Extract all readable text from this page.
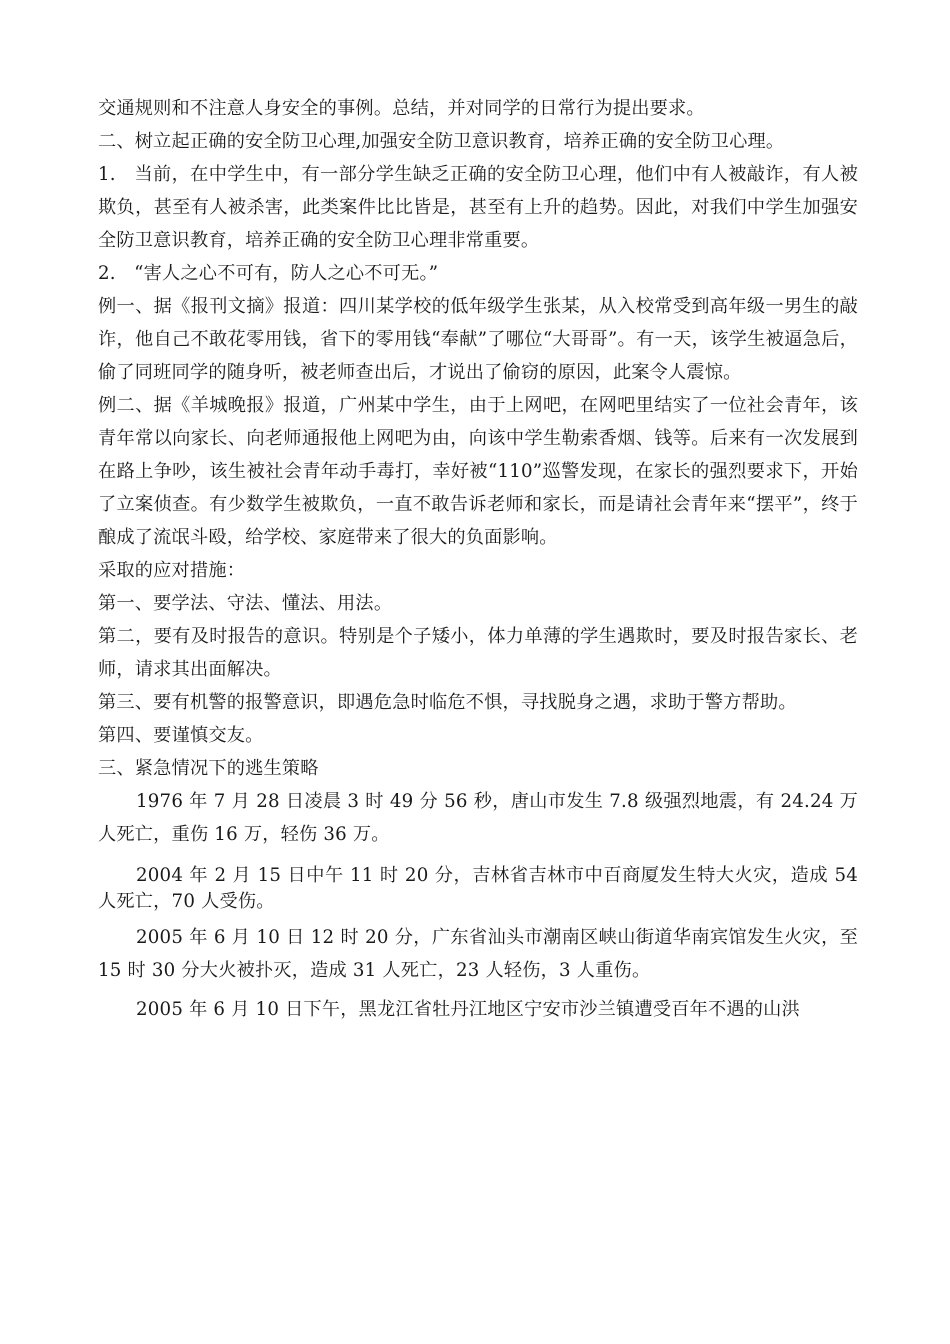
交通规则和不注意人身安全的事例。总结，并对同学的日常行为提出要求。

二、树立起正确的安全防卫心理,加强安全防卫意识教育，培养正确的安全防卫心理。

1.　当前，在中学生中，有一部分学生缺乏正确的安全防卫心理，他们中有人被敲诈，有人被欺负，甚至有人被杀害，此类案件比比皆是，甚至有上升的趋势。因此，对我们中学生加强安全防卫意识教育，培养正确的安全防卫心理非常重要。

2.　“害人之心不可有，防人之心不可无。”

例一、据《报刊文摘》报道：四川某学校的低年级学生张某，从入校常受到高年级一男生的敲诈，他自己不敢花零用钱，省下的零用钱“奉献”了哪位“大哥哥”。有一天，该学生被逼急后，偷了同班同学的随身听，被老师查出后，才说出了偷窃的原因，此案令人震惊。

例二、据《羊城晚报》报道，广州某中学生，由于上网吧，在网吧里结实了一位社会青年，该青年常以向家长、向老师通报他上网吧为由，向该中学生勒索香烟、钱等。后来有一次发展到在路上争吵，该生被社会青年动手毒打，幸好被“110”巡警发现，在家长的强烈要求下，开始了立案侦查。有少数学生被欺负，一直不敢告诉老师和家长，而是请社会青年来“摆平”，终于酿成了流氓斗殴，给学校、家庭带来了很大的负面影响。

采取的应对措施：

第一、要学法、守法、懂法、用法。

第二，要有及时报告的意识。特别是个子矮小，体力单薄的学生遇欺时，要及时报告家长、老师，请求其出面解决。

第三、要有机警的报警意识，即遇危急时临危不惧，寻找脱身之遇，求助于警方帮助。

第四、要谨慎交友。

三、紧急情况下的逃生策略

1976 年 7 月 28 日凌晨 3 时 49 分 56 秒，唐山市发生 7.8 级强烈地震，有 24.24 万人死亡，重伤 16 万，轻伤 36 万。

2004 年 2 月 15 日中午 11 时 20 分，吉林省吉林市中百商厦发生特大火灾，造成 54 人死亡，70 人受伤。

2005 年 6 月 10 日 12 时 20 分，广东省汕头市潮南区峡山街道华南宾馆发生火灾，至 15 时 30 分大火被扑灭，造成 31 人死亡，23 人轻伤，3 人重伤。

2005 年 6 月 10 日下午，黑龙江省牡丹江地区宁安市沙兰镇遭受百年不遇的山洪
